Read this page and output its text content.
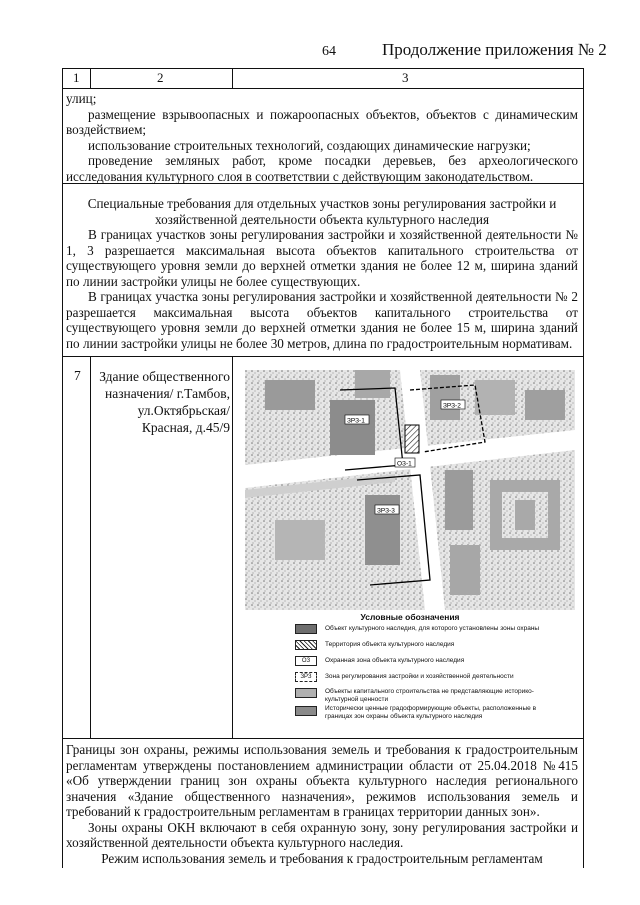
64	Продолжение приложения № 2
1	2	3

улиц;

размещение взрывоопасных и пожароопасных объектов, объектов с динамическим воздействием;

использование строительных технологий, создающих динамические нагрузки;

проведение земляных работ, кроме посадки деревьев, без археологического исследования культурного слоя в соответствии с действующим законодательством.

Специальные требования для отдельных участков зоны регулирования застройки и

хозяйственной деятельности объекта культурного наследия

В границах участков зоны регулирования застройки и хозяйственной деятельности № 1, 3 разрешается максимальная высота объектов капитального строительства от существующего уровня земли до верхней отметки здания не более 12 м, ширина зданий по линии застройки улицы не более существующих.

В границах участка зоны регулирования застройки и хозяйственной деятельности № 2 разрешается максимальная высота объектов капитального строительства от существующего уровня земли до верхней отметки здания не более 15 м, ширина зданий по линии застройки улицы не более 30 метров, длина по градостроительным нормативам.

7	Здание общественного назначения/ г.Тамбов, ул.Октябрьская/ Красная, д.45/9	ЗРЗ-1
ЗРЗ-2
ЗРЗ-3
ОЗ-1
Условные обозначения
Объект культурного наследия, для которого установлены зоны охраны
Территория объекта культурного наследия
ОЗ	Охранная зона объекта культурного наследия
ЗРЗ	Зона регулирования застройки и хозяйственной деятельности
Объекты капитального строительства не представляющие историко-культурной ценности
Исторически ценные градоформирующие объекты, расположенные в границах зон охраны объекта культурного наследия

Границы зон охраны, режимы использования земель и требования к градостроительным регламентам утверждены постановлением администрации области от 25.04.2018 №415 «Об утверждении границ зон охраны объекта культурного наследия регионального значения «Здание общественного назначения», режимов использования земель и требований к градостроительным регламентам в границах территории данных зон».

Зоны охраны ОКН включают в себя охранную зону, зону регулирования застройки и хозяйственной деятельности объекта культурного наследия.

Режим использования земель и требования к градостроительным регламентам
